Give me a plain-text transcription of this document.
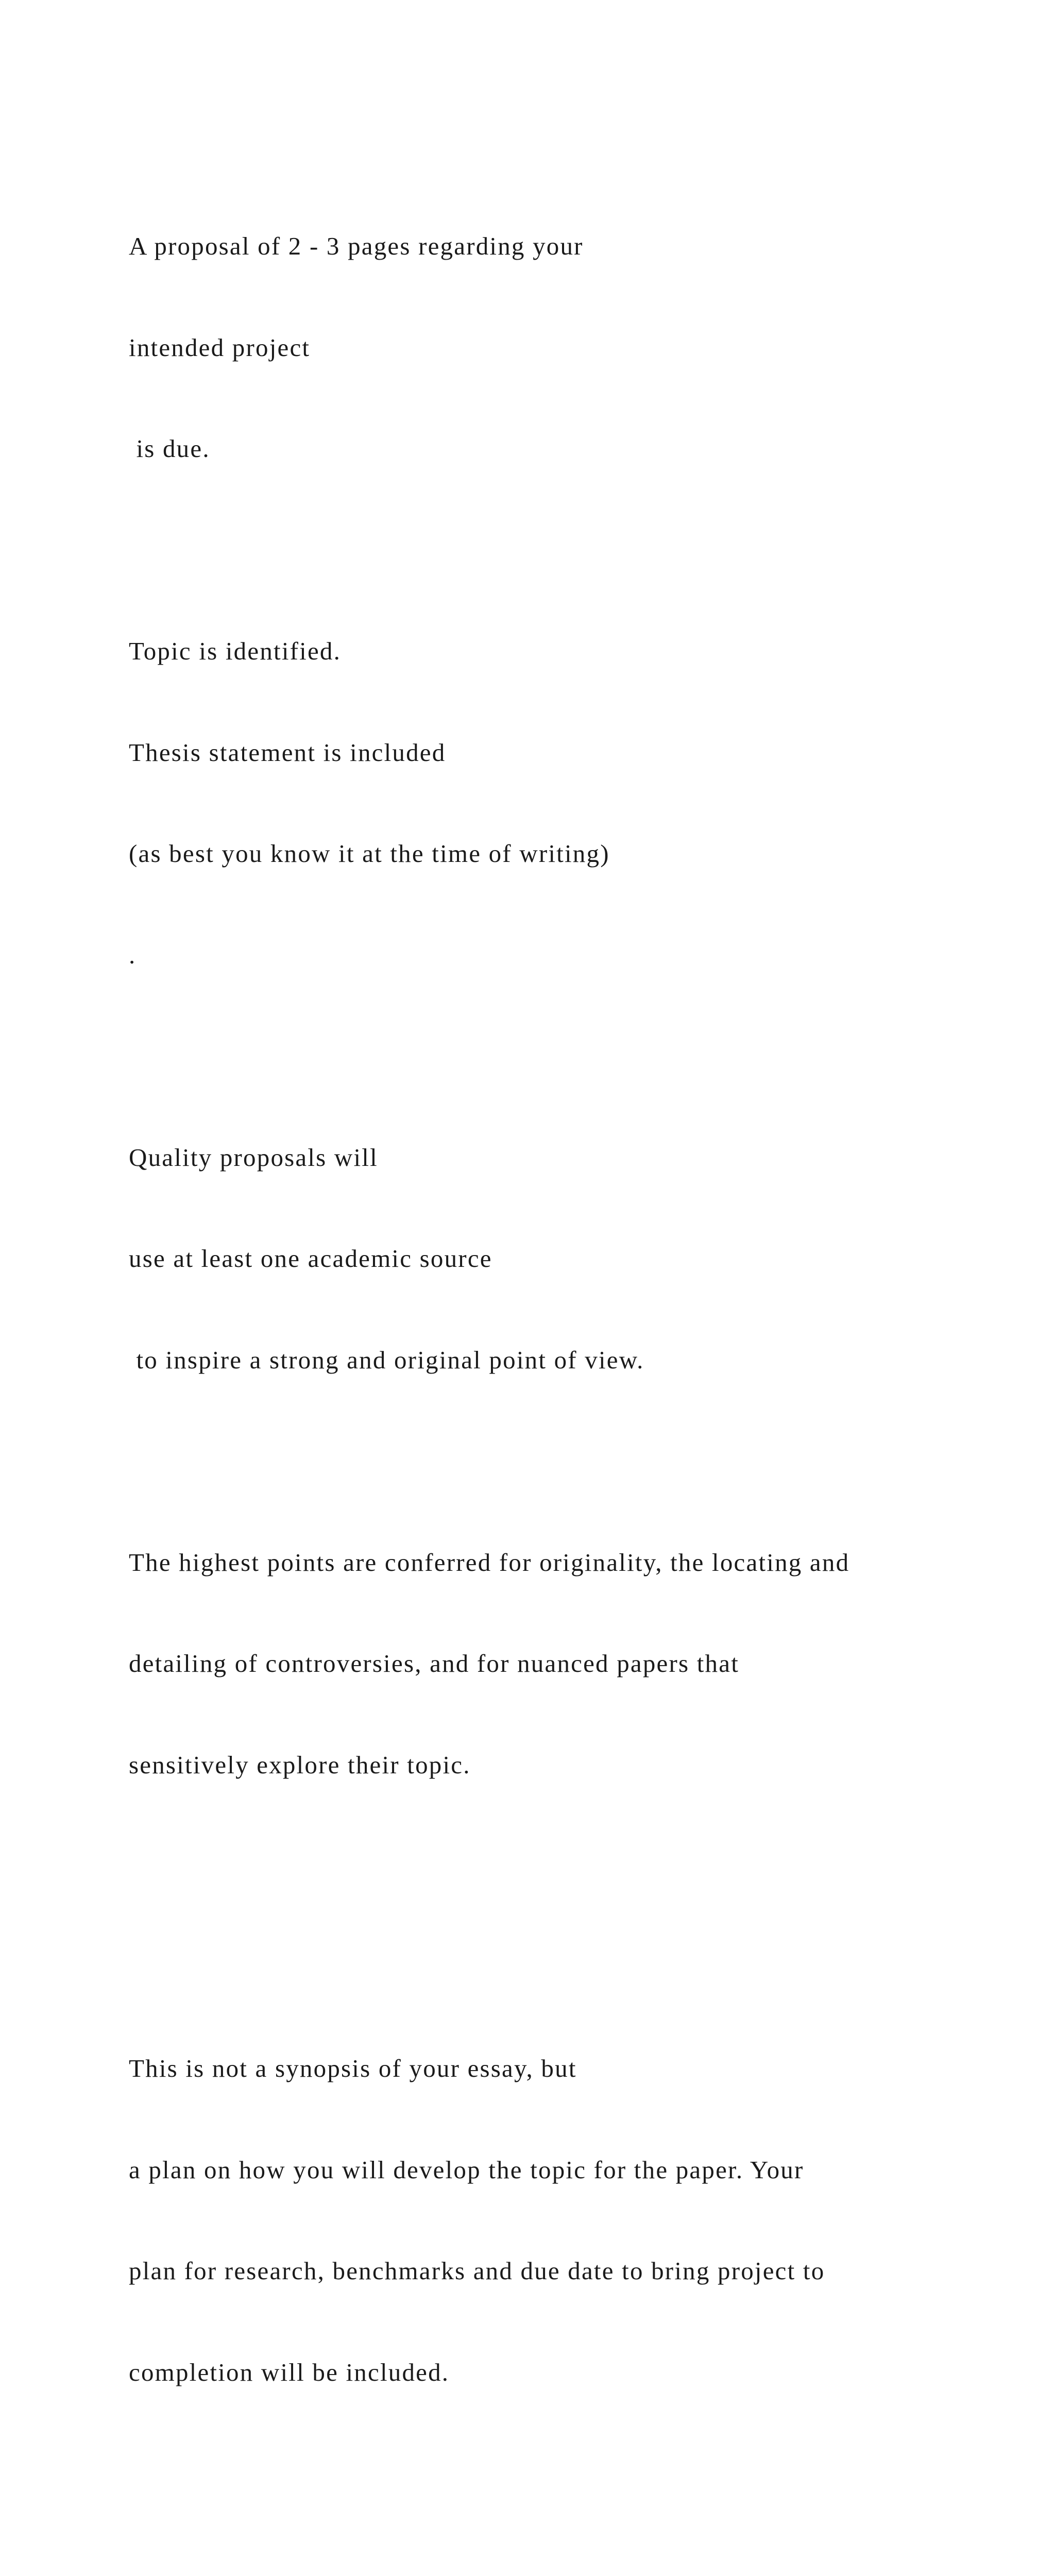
A proposal of 2 - 3 pages regarding your

intended project

is due.

Topic is identified.

Thesis statement is included

(as best you know it at the time of writing)

.

Quality proposals will

use at least one academic source

to inspire a strong and original point of view.

The highest points are conferred for originality, the locating and

detailing of controversies, and for nuanced papers that

sensitively explore their topic.

This is not a synopsis of your essay, but

a plan on how you will develop the topic for the paper. Your

plan for research, benchmarks and due date to bring project to

completion will be included.
